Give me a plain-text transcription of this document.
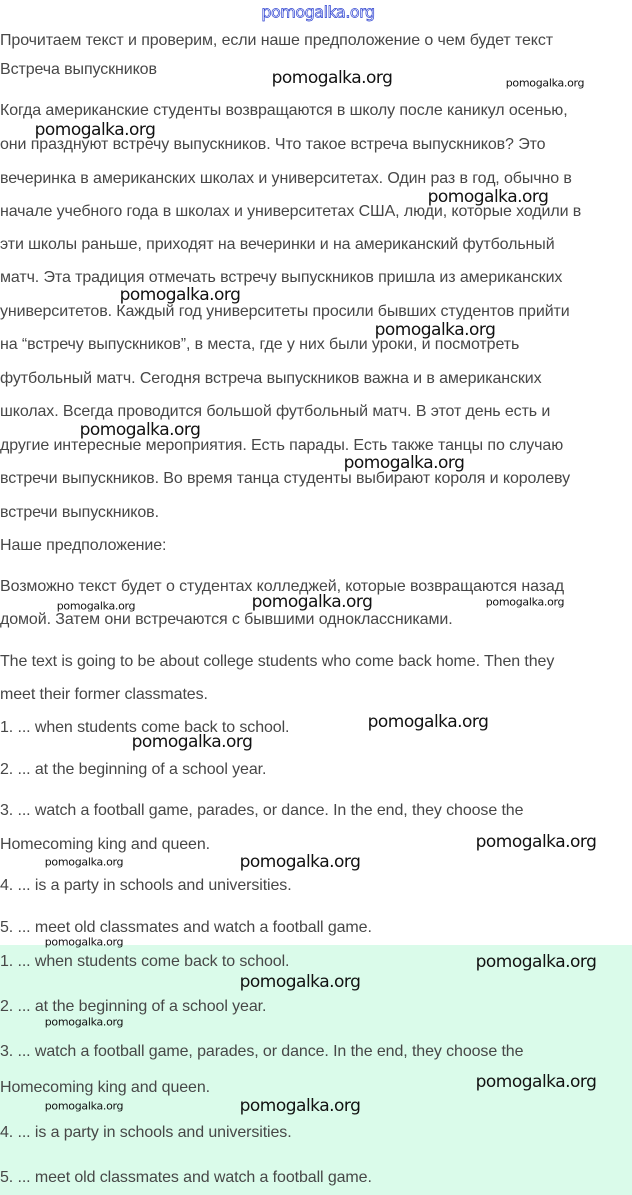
Прочитаем текст и проверим, если наше предположение о чем будет текст
Встреча выпускников
Когда американские студенты возвращаются в школу после каникул осенью,
они празднуют встречу выпускников. Что такое встреча выпускников? Это
вечеринка в американских школах и университетах. Один раз в год, обычно в
начале учебного года в школах и университетах США, люди, которые ходили в
эти школы раньше, приходят на вечеринки и на американский футбольный
матч. Эта традиция отмечать встречу выпускников пришла из американских
университетов. Каждый год университеты просили бывших студентов прийти
на “встречу выпускников”, в места, где у них были уроки, и посмотреть
футбольный матч. Сегодня встреча выпускников важна и в американских
школах. Всегда проводится большой футбольный матч. В этот день есть и
другие интересные мероприятия. Есть парады. Есть также танцы по случаю
встречи выпускников. Во время танца студенты выбирают короля и королеву
встречи выпускников.
Наше предположение:
Возможно текст будет о студентах колледжей, которые возвращаются назад
домой. Затем они встречаются с бывшими одноклассниками.
The text is going to be about college students who come back home. Then they
meet their former classmates.
1. ... when students come back to school.
2. ... at the beginning of a school year.
3. ... watch a football game, parades, or dance. In the end, they choose the
Homecoming king and queen.
4. ... is a party in schools and universities.
5. ... meet old classmates and watch a football game.
1. ... when students come back to school.
2. ... at the beginning of a school year.
3. ... watch a football game, parades, or dance. In the end, they choose the
Homecoming king and queen.
4. ... is a party in schools and universities.
5. ... meet old classmates and watch a football game.
pomogalka.org
pomogalka.org	pomogalka.org
pomogalka.org
pomogalka.org
pomogalka.org
pomogalka.org
pomogalka.org
pomogalka.org
pomogalka.org	pomogalka.org	pomogalka.org
pomogalka.org
pomogalka.org
pomogalka.org
pomogalka.org	pomogalka.org
pomogalka.org
pomogalka.org
pomogalka.org
pomogalka.org
pomogalka.org
pomogalka.org	pomogalka.org
